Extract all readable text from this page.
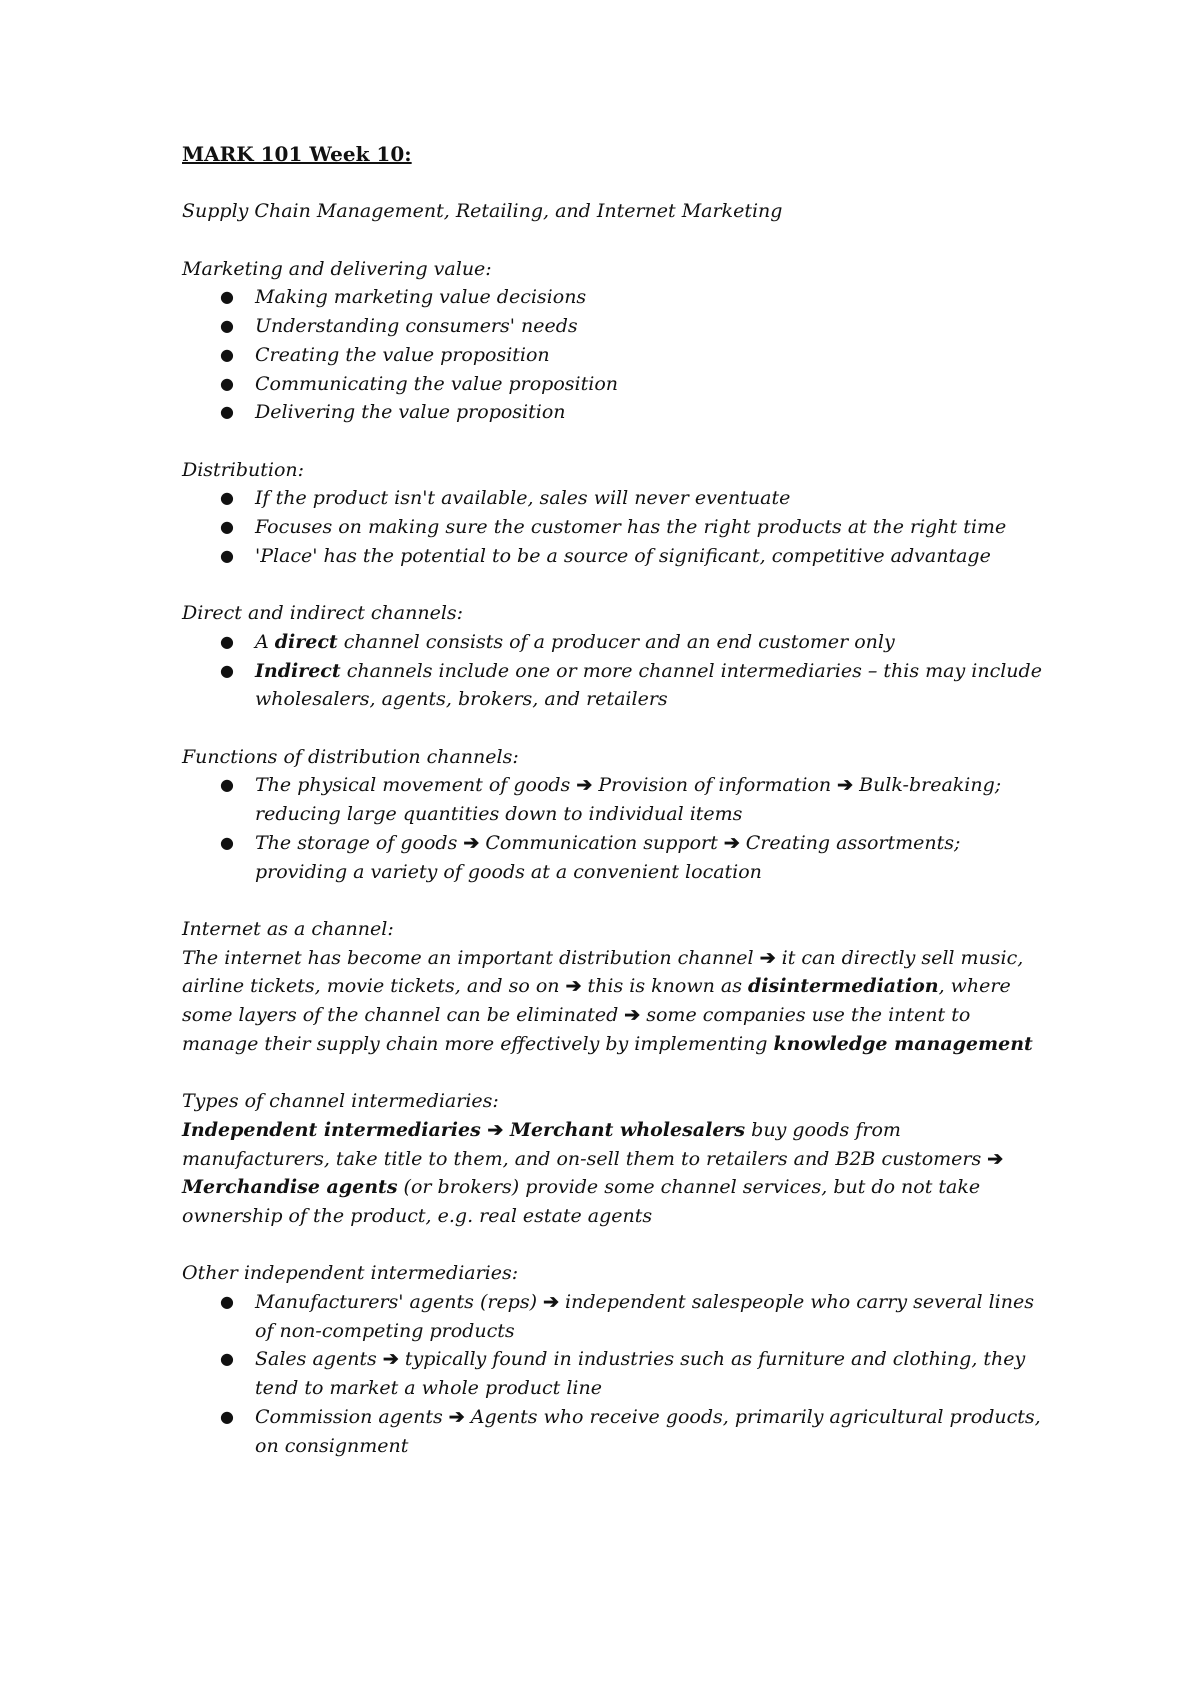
MARK 101 Week 10:
Supply Chain Management, Retailing, and Internet Marketing
Marketing and delivering value:
● Making marketing value decisions
● Understanding consumers' needs
● Creating the value proposition
● Communicating the value proposition
● Delivering the value proposition
Distribution:
● If the product isn't available, sales will never eventuate
● Focuses on making sure the customer has the right products at the right time
● 'Place' has the potential to be a source of significant, competitive advantage
Direct and indirect channels:
● A direct channel consists of a producer and an end customer only
● Indirect channels include one or more channel intermediaries – this may include wholesalers, agents, brokers, and retailers
Functions of distribution channels:
● The physical movement of goods ➔ Provision of information ➔ Bulk-breaking; reducing large quantities down to individual items
● The storage of goods ➔ Communication support ➔ Creating assortments; providing a variety of goods at a convenient location
Internet as a channel:
The internet has become an important distribution channel ➔ it can directly sell music, airline tickets, movie tickets, and so on ➔ this is known as disintermediation, where some layers of the channel can be eliminated ➔ some companies use the intent to manage their supply chain more effectively by implementing knowledge management
Types of channel intermediaries:
Independent intermediaries ➔ Merchant wholesalers buy goods from manufacturers, take title to them, and on-sell them to retailers and B2B customers ➔ Merchandise agents (or brokers) provide some channel services, but do not take ownership of the product, e.g. real estate agents
Other independent intermediaries:
● Manufacturers' agents (reps) ➔ independent salespeople who carry several lines of non-competing products
● Sales agents ➔ typically found in industries such as furniture and clothing, they tend to market a whole product line
● Commission agents ➔ Agents who receive goods, primarily agricultural products, on consignment
